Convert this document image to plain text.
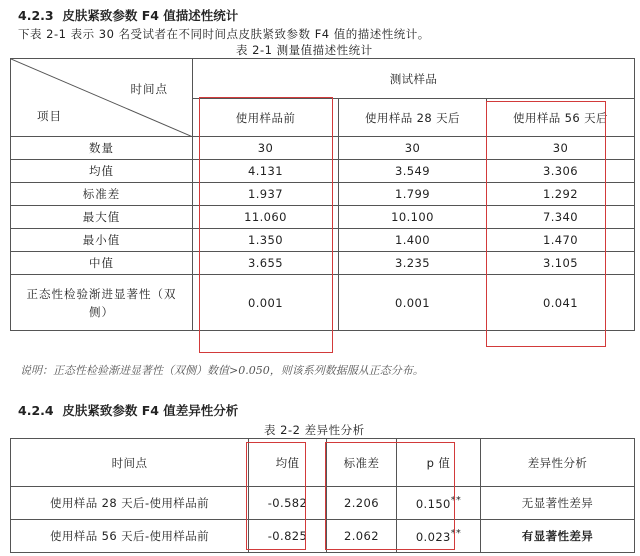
4.2.3 皮肤紧致参数 F4 值描述性统计
下表 2-1 表示 30 名受试者在不同时间点皮肤紧致参数 F4 值的描述性统计。
表 2-1 测量值描述性统计
时间点
项目	测试样品		
	使用样品前	使用样品 28 天后	使用样品 56 天后
数量	30	30	30
均值	4.131	3.549	3.306
标准差	1.937	1.799	1.292
最大值	11.060	10.100	7.340
最小值	1.350	1.400	1.470
中值	3.655	3.235	3.105
正态性检验渐进显著性（双侧）	0.001	0.001	0.041
说明：正态性检验渐进显著性（双侧）数值>0.050，则该系列数据服从正态分布。
4.2.4 皮肤紧致参数 F4 值差异性分析
表 2-2 差异性分析
时间点	均值	标准差	p 值	差异性分析
使用样品 28 天后-使用样品前	-0.582	2.206	0.150**	无显著性差异
使用样品 56 天后-使用样品前	-0.825	2.062	0.023**	有显著性差异
